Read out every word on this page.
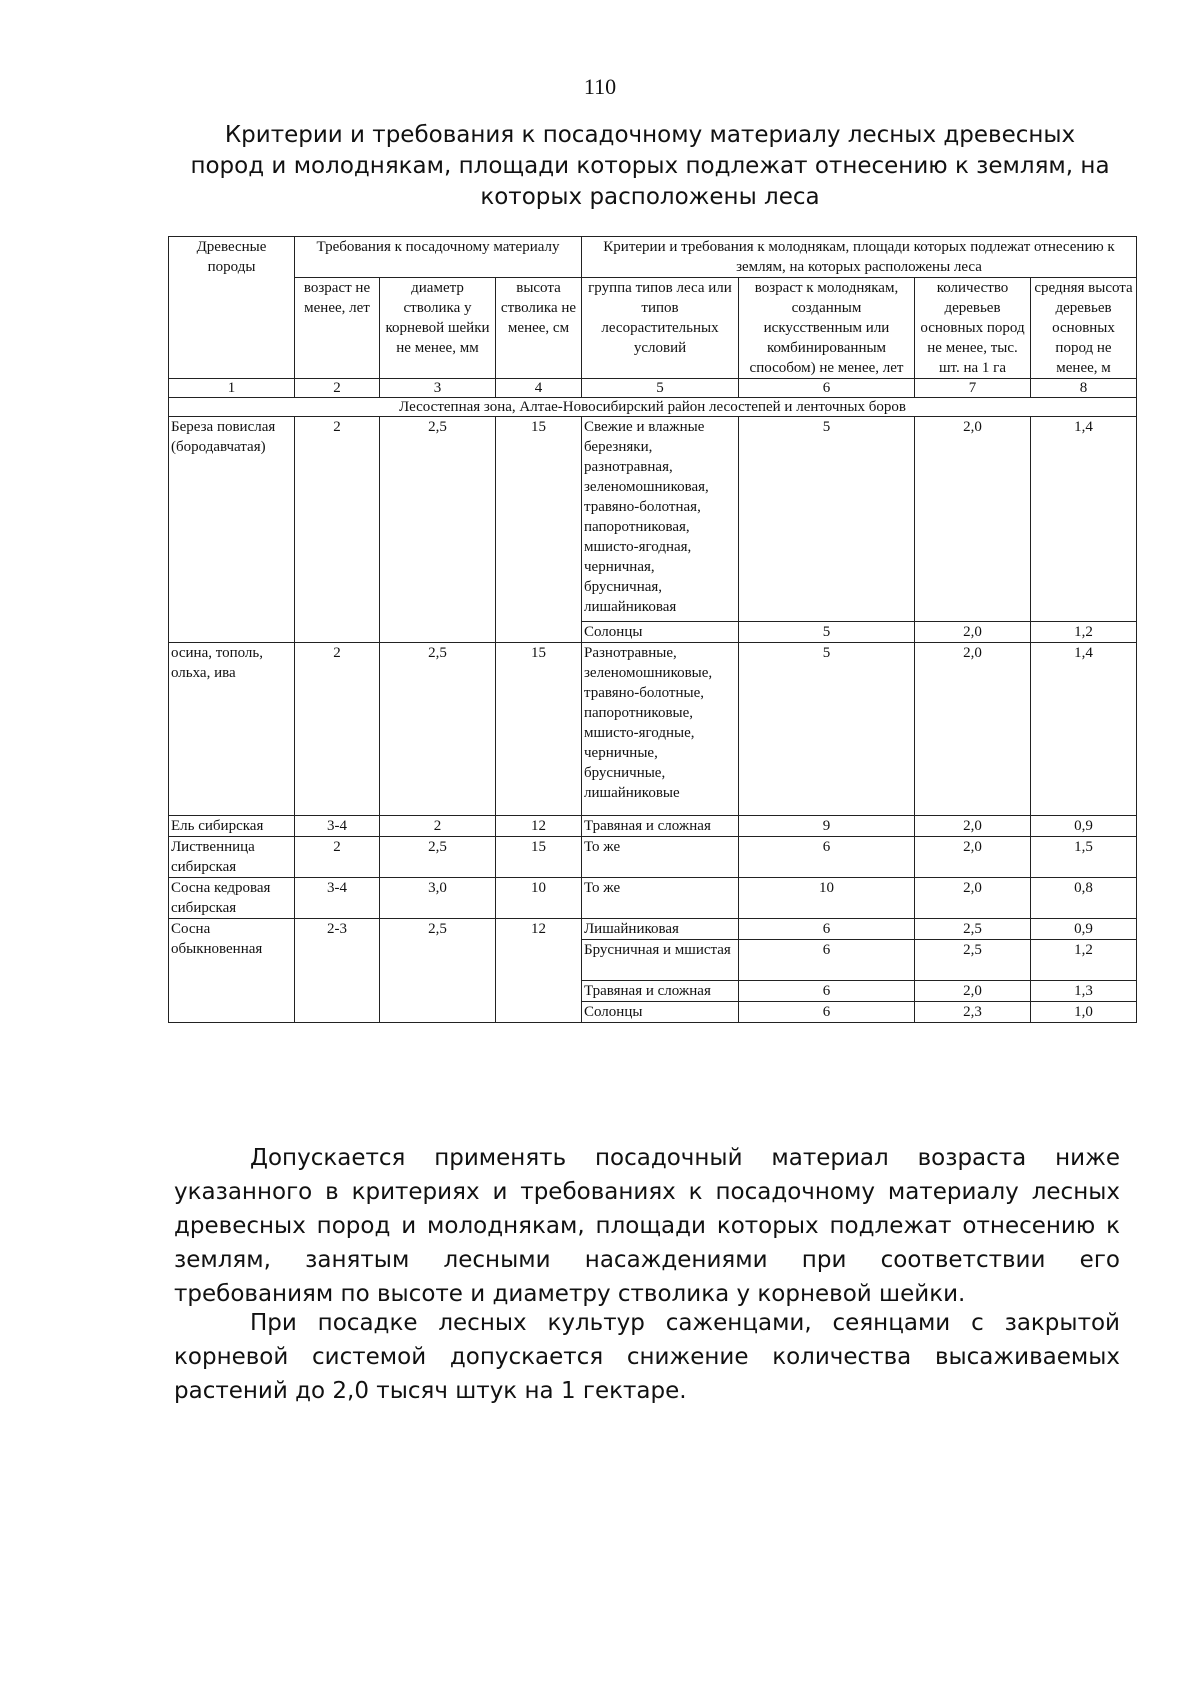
110
Критерии и требования к посадочному материалу лесных древесных
пород и молоднякам, площади которых подлежат отнесению к землям, на
которых расположены леса
Древесные породы	Требования к посадочному материалу			Критерии и требования к молоднякам, площади которых подлежат отнесению к землям, на которых расположены леса			
	возраст не менее, лет	диаметр стволика у корневой шейки не менее, мм	высота стволика не менее, см	группа типов леса или типов лесорастительных условий	возраст к молоднякам, созданным искусственным или комбинированным способом) не менее, лет	количество деревьев основных пород не менее, тыс. шт. на 1 га	средняя высота деревьев основных пород не менее, м
1	2	3	4	5	6	7	8
Лесостепная зона, Алтае-Новосибирский район лесостепей и ленточных боров							
Береза повислая (бородавчатая)	2	2,5	15	Свежие и влажные березняки, разнотравная, зеленомошниковая, травяно-болотная, папоротниковая, мшисто-ягодная, черничная, брусничная, лишайниковая	5	2,0	1,4
				Солонцы	5	2,0	1,2
осина, тополь, ольха, ива	2	2,5	15	Разнотравные, зеленомошниковые, травяно-болотные, папоротниковые, мшисто-ягодные, черничные, брусничные, лишайниковые	5	2,0	1,4
Ель сибирская	3-4	2	12	Травяная и сложная	9	2,0	0,9
Лиственница сибирская	2	2,5	15	То же	6	2,0	1,5
Сосна кедровая сибирская	3-4	3,0	10	То же	10	2,0	0,8
Сосна обыкновенная	2-3	2,5	12	Лишайниковая	6	2,5	0,9
				Брусничная и мшистая	6	2,5	1,2
				Травяная и сложная	6	2,0	1,3
				Солонцы	6	2,3	1,0

Допускается применять посадочный материал возраста ниже указанного в критериях и требованиях к посадочному материалу лесных древесных пород и молоднякам, площади которых подлежат отнесению к землям, занятым лесными насаждениями при соответствии его требованиям по высоте и диаметру стволика у корневой шейки.

При посадке лесных культур саженцами, сеянцами с закрытой корневой системой допускается снижение количества высаживаемых растений до 2,0 тысяч штук на 1 гектаре.
